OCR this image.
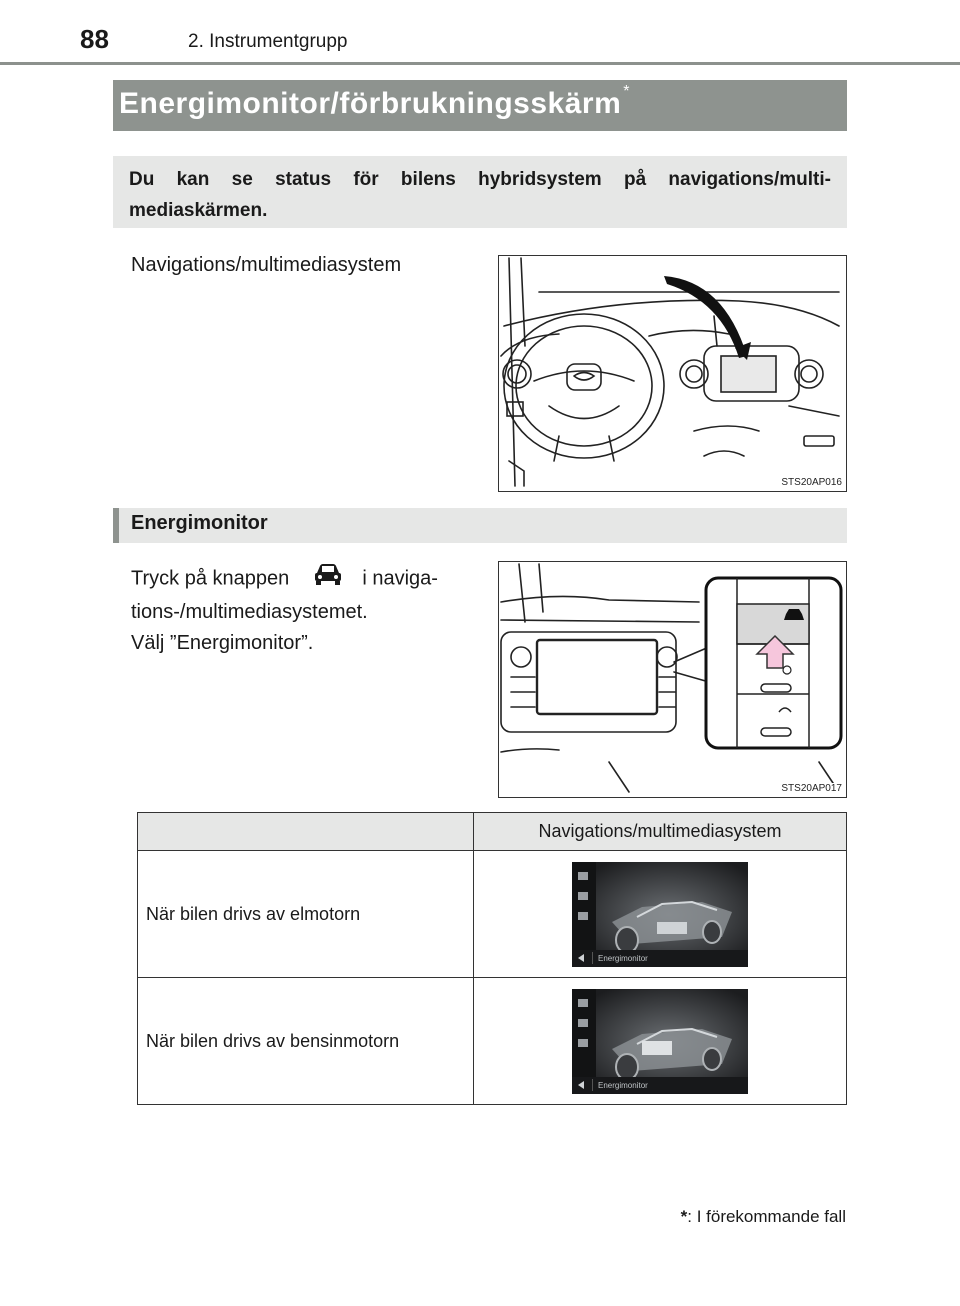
88	2. Instrumentgrupp
Energimonitor/förbrukningsskärm *
Du kan se status för bilens hybridsystem på navigations/multi-mediaskärmen.
Navigations/multimediasystem
STS20AP016
Energimonitor
Tryck på knappen	i naviga-
tions-/multimediasystemet.
Välj ”Energimonitor”.
STS20AP017
	Navigations/multimediasystem
När bilen drivs av elmotorn	Energimonitor

När bilen drivs av bensinmotorn	Energimonitor
*: I förekommande fall
